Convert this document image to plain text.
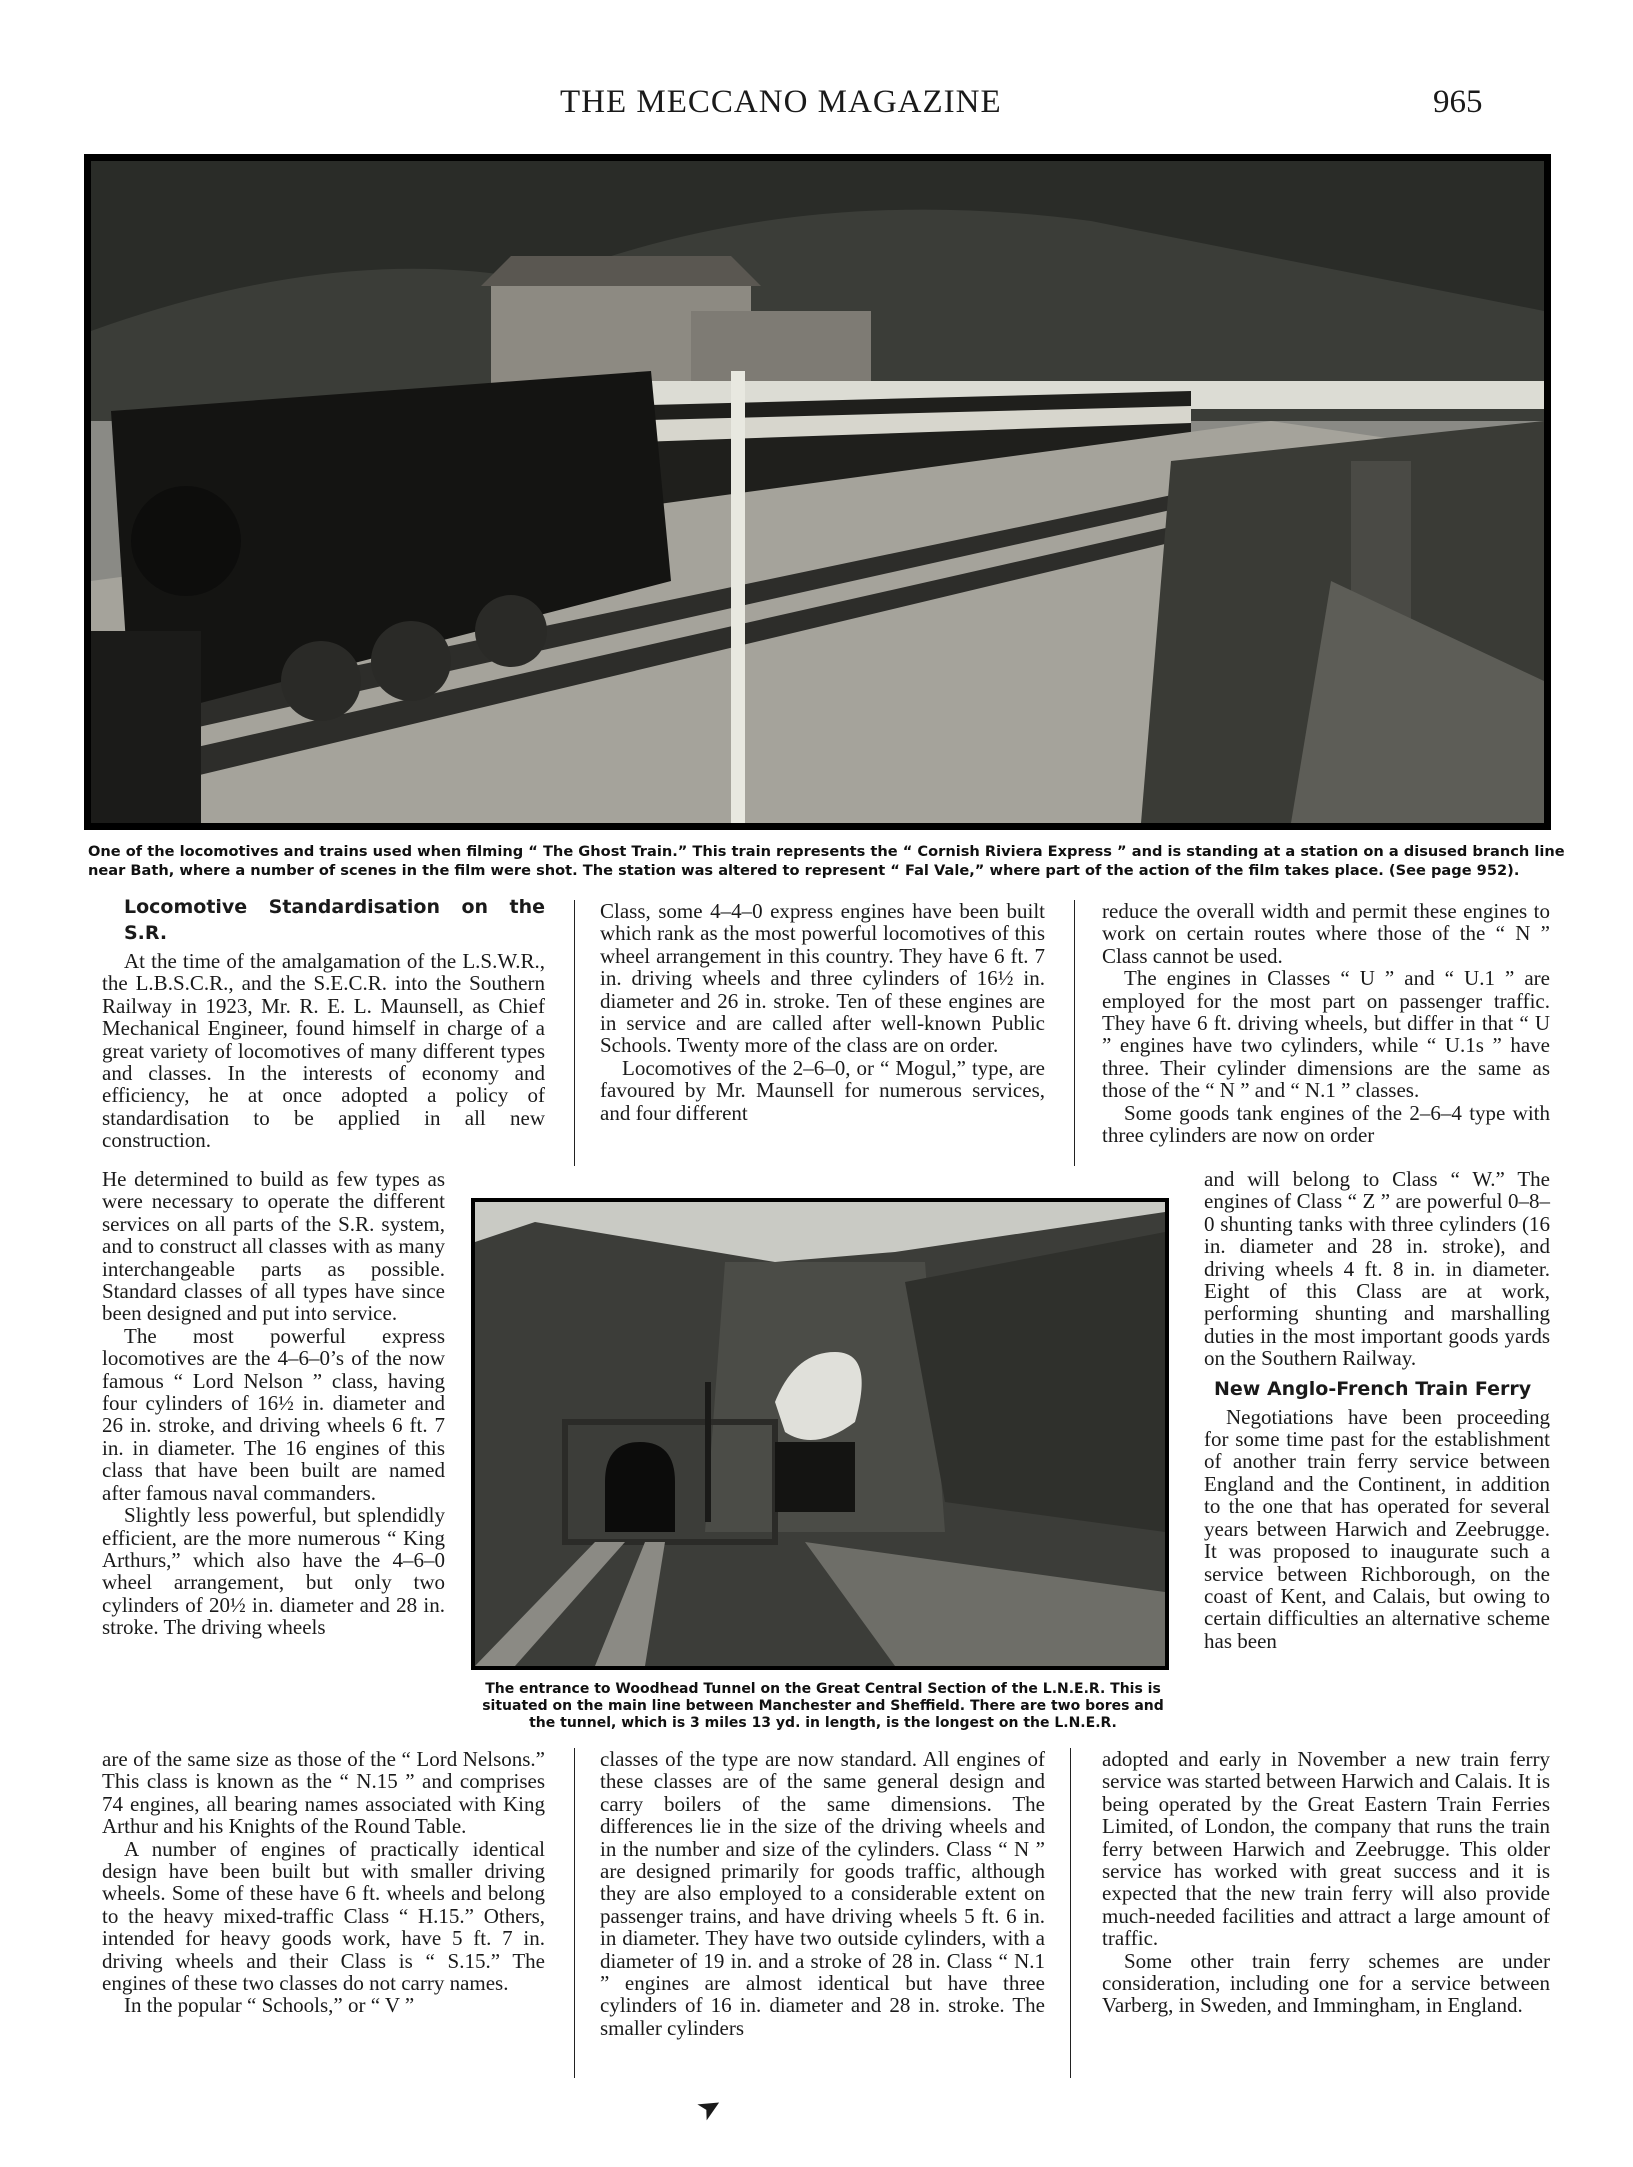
THE MECCANO MAGAZINE	965
One of the locomotives and trains used when filming “ The Ghost Train.” This train represents the “ Cornish Riviera Express ” and is standing at a station on a disused branch line
near Bath, where a number of scenes in the film were shot. The station was altered to represent “ Fal Vale,” where part of the action of the film takes place. (See page 952).

Locomotive Standardisation on the S.R.

At the time of the amalgamation of the L.S.W.R., the L.B.S.C.R., and the S.E.C.R. into the Southern Railway in 1923, Mr. R. E. L. Maunsell, as Chief Mechanical Engineer, found himself in charge of a great variety of locomotives of many different types and classes. In the interests of economy and efficiency, he at once adopted a policy of standardisation to be applied in all new construction.

He determined to build as few types as were necessary to operate the different services on all parts of the S.R. system, and to construct all classes with as many interchangeable parts as possible. Standard classes of all types have since been designed and put into service.

The most powerful express locomotives are the 4–6–0’s of the now famous “ Lord Nelson ” class, having four cylinders of 16½ in. diameter and 26 in. stroke, and driving wheels 6 ft. 7 in. in diameter. The 16 engines of this class that have been built are named after famous naval commanders.

Slightly less powerful, but splendidly efficient, are the more numerous “ King Arthurs,” which also have the 4–6–0 wheel arrangement, but only two cylinders of 20½ in. diameter and 28 in. stroke. The driving wheels

are of the same size as those of the “ Lord Nelsons.” This class is known as the “ N.15 ” and comprises 74 engines, all bearing names associated with King Arthur and his Knights of the Round Table.

A number of engines of practically identical design have been built but with smaller driving wheels. Some of these have 6 ft. wheels and belong to the heavy mixed-traffic Class “ H.15.” Others, intended for heavy goods work, have 5 ft. 7 in. driving wheels and their Class is “ S.15.” The engines of these two classes do not carry names.

In the popular “ Schools,” or “ V ”

Class, some 4–4–0 express engines have been built which rank as the most powerful locomotives of this wheel arrangement in this country. They have 6 ft. 7 in. driving wheels and three cylinders of 16½ in. diameter and 26 in. stroke. Ten of these engines are in service and are called after well-known Public Schools. Twenty more of the class are on order.

Locomotives of the 2–6–0, or “ Mogul,” type, are favoured by Mr. Maunsell for numerous services, and four different

The entrance to Woodhead Tunnel on the Great Central Section of the L.N.E.R. This is situated on the main line between Manchester and Sheffield. There are two bores and the tunnel, which is 3 miles 13 yd. in length, is the longest on the L.N.E.R.

classes of the type are now standard. All engines of these classes are of the same general design and carry boilers of the same dimensions. The differences lie in the size of the driving wheels and in the number and size of the cylinders. Class “ N ” are designed primarily for goods traffic, although they are also employed to a considerable extent on passenger trains, and have driving wheels 5 ft. 6 in. in diameter. They have two outside cylinders, with a diameter of 19 in. and a stroke of 28 in. Class “ N.1 ” engines are almost identical but have three cylinders of 16 in. diameter and 28 in. stroke. The smaller cylinders

reduce the overall width and permit these engines to work on certain routes where those of the “ N ” Class cannot be used.

The engines in Classes “ U ” and “ U.1 ” are employed for the most part on passenger traffic. They have 6 ft. driving wheels, but differ in that “ U ” engines have two cylinders, while “ U.1s ” have three. Their cylinder dimensions are the same as those of the “ N ” and “ N.1 ” classes.

Some goods tank engines of the 2–6–4 type with three cylinders are now on order

and will belong to Class “ W.” The engines of Class “ Z ” are powerful 0–8–0 shunting tanks with three cylinders (16 in. diameter and 28 in. stroke), and driving wheels 4 ft. 8 in. in diameter. Eight of this Class are at work, performing shunting and marshalling duties in the most important goods yards on the Southern Railway.

New Anglo-French Train Ferry

Negotiations have been proceeding for some time past for the establishment of another train ferry service between England and the Continent, in addition to the one that has operated for several years between Harwich and Zeebrugge. It was proposed to inaugurate such a service between Richborough, on the coast of Kent, and Calais, but owing to certain difficulties an alternative scheme has been

adopted and early in November a new train ferry service was started between Harwich and Calais. It is being operated by the Great Eastern Train Ferries Limited, of London, the company that runs the train ferry between Harwich and Zeebrugge. This older service has worked with great success and it is expected that the new train ferry will also provide much-needed facilities and attract a large amount of traffic.

Some other train ferry schemes are under consideration, including one for a service between Varberg, in Sweden, and Immingham, in England.

➤
